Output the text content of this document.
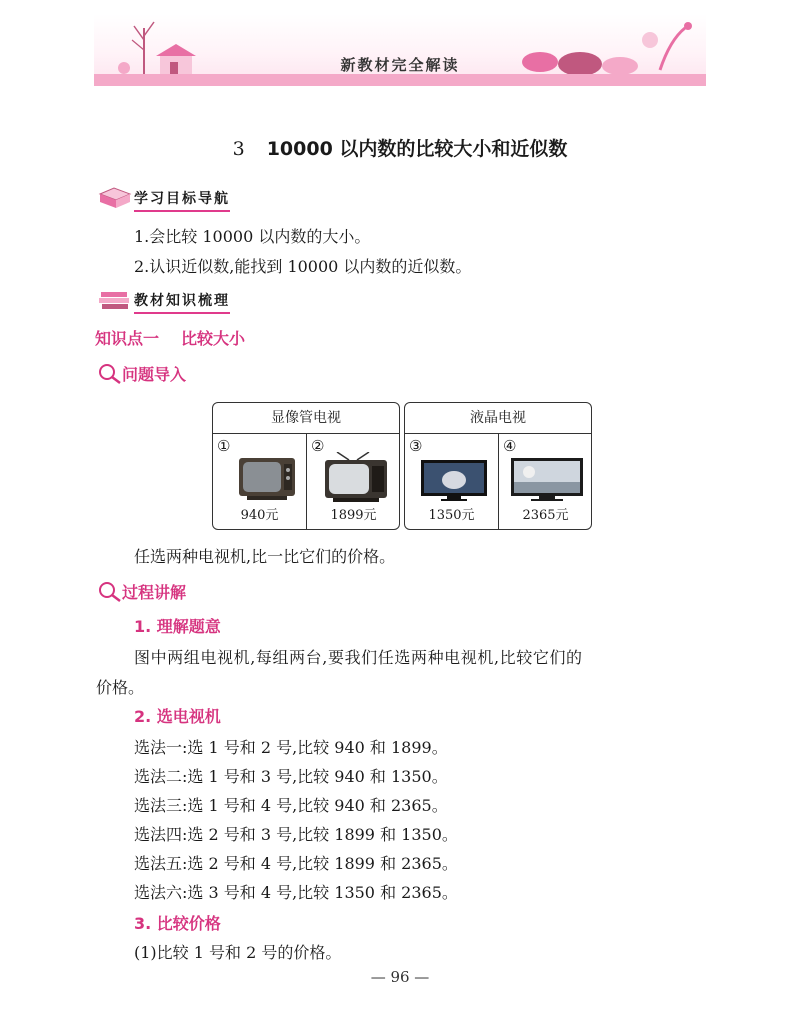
新教材完全解读
3 10000 以内数的比较大小和近似数
学习目标导航
1.会比较 10000 以内数的大小。
2.认识近似数,能找到 10000 以内数的近似数。
教材知识梳理
知识点一 比较大小
问题导入
显像管电视
①
940元
②
1899元
液晶电视
③
1350元
④
2365元
任选两种电视机,比一比它们的价格。
过程讲解
1. 理解题意
图中两组电视机,每组两台,要我们任选两种电视机,比较它们的
价格。
2. 选电视机
选法一:选 1 号和 2 号,比较 940 和 1899。
选法二:选 1 号和 3 号,比较 940 和 1350。
选法三:选 1 号和 4 号,比较 940 和 2365。
选法四:选 2 号和 3 号,比较 1899 和 1350。
选法五:选 2 号和 4 号,比较 1899 和 2365。
选法六:选 3 号和 4 号,比较 1350 和 2365。
3. 比较价格
(1)比较 1 号和 2 号的价格。
— 96 —
